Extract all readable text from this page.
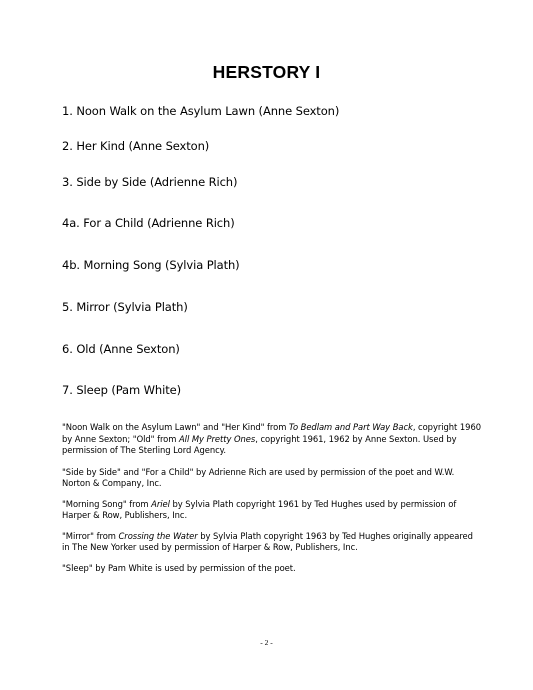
HERSTORY I
1. Noon Walk on the Asylum Lawn (Anne Sexton)
2. Her Kind (Anne Sexton)
3. Side by Side (Adrienne Rich)
4a. For a Child (Adrienne Rich)
4b. Morning Song (Sylvia Plath)
5. Mirror (Sylvia Plath)
6. Old (Anne Sexton)
7. Sleep (Pam White)

"Noon Walk on the Asylum Lawn" and "Her Kind" from To Bedlam and Part Way Back, copyright 1960 by Anne Sexton; "Old" from All My Pretty Ones, copyright 1961, 1962 by Anne Sexton. Used by permission of The Sterling Lord Agency.

"Side by Side" and "For a Child" by Adrienne Rich are used by permission of the poet and W.W. Norton & Company, Inc.

"Morning Song" from Ariel by Sylvia Plath copyright 1961 by Ted Hughes used by permission of Harper & Row, Publishers, Inc.

"Mirror" from Crossing the Water by Sylvia Plath copyright 1963 by Ted Hughes originally appeared in The New Yorker used by permission of Harper & Row, Publishers, Inc.

"Sleep" by Pam White is used by permission of the poet.

- 2 -
